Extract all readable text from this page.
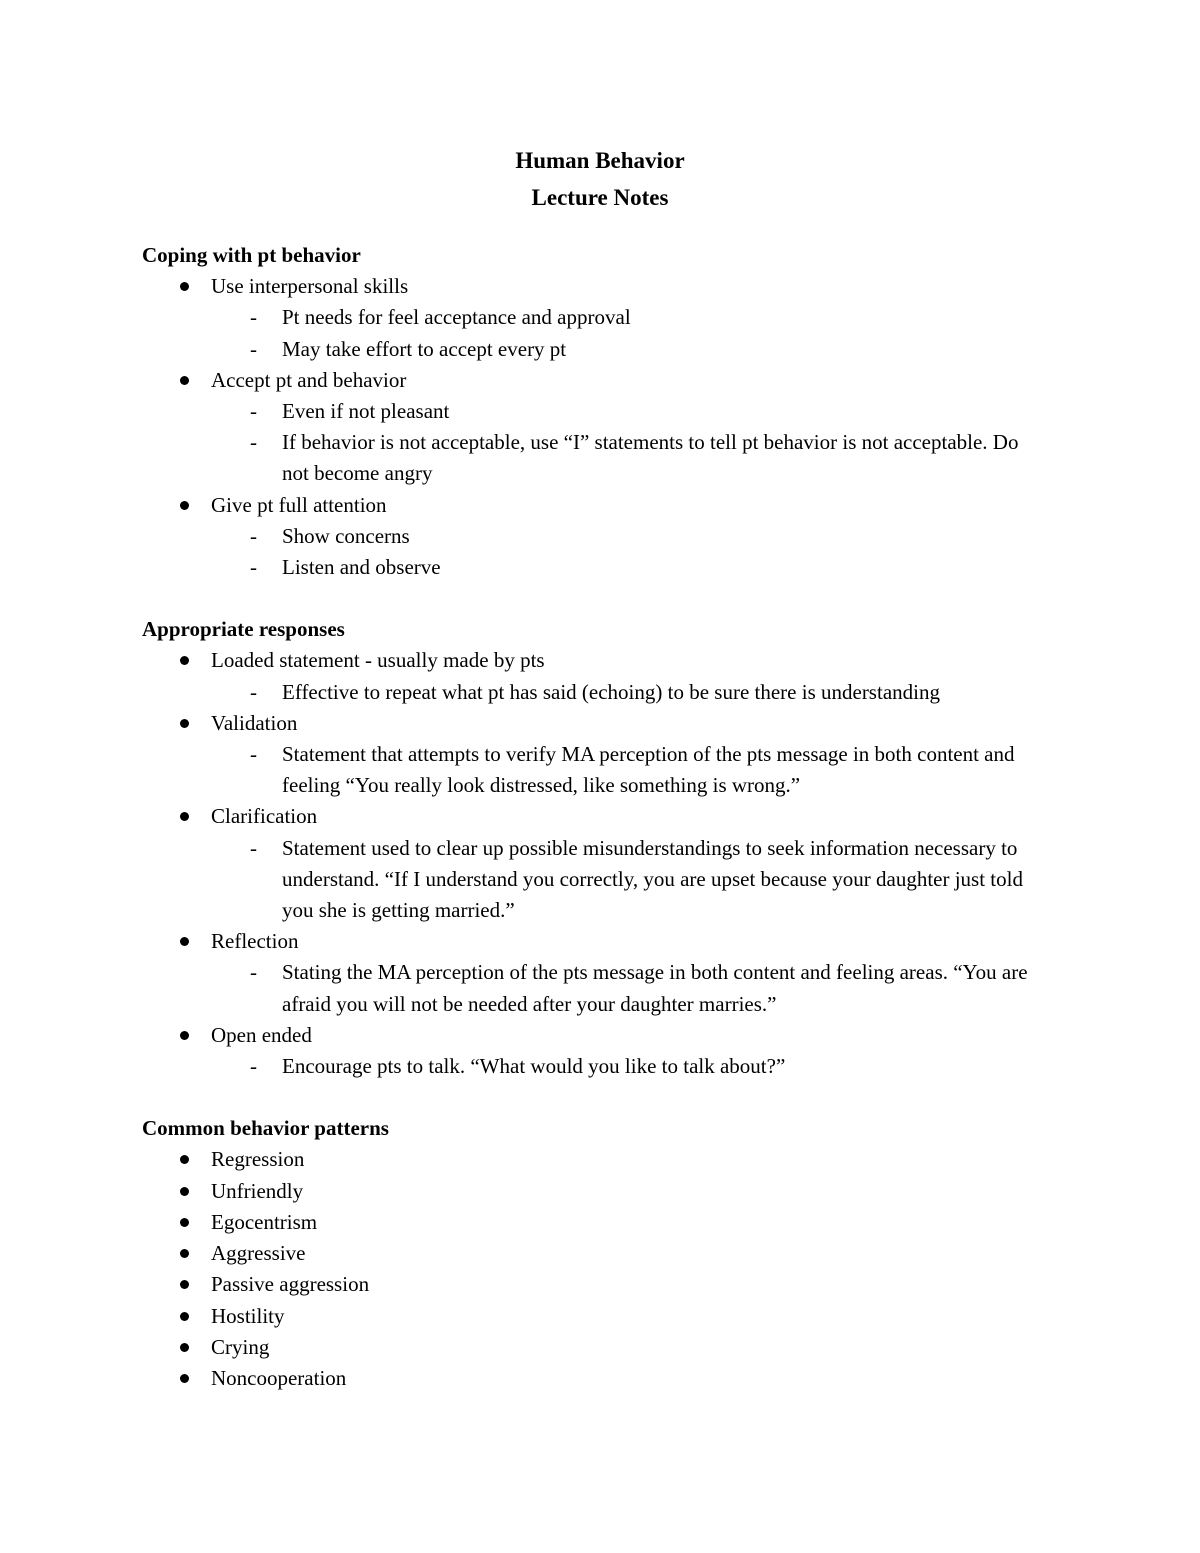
Human Behavior
Lecture Notes
Coping with pt behavior
Use interpersonal skills
-	Pt needs for feel acceptance and approval
-	May take effort to accept every pt
Accept pt and behavior
-	Even if not pleasant
-	If behavior is not acceptable, use “I” statements to tell pt behavior is not acceptable. Do not become angry
Give pt full attention
-	Show concerns
-	Listen and observe
Appropriate responses
Loaded statement - usually made by pts
-	Effective to repeat what pt has said (echoing) to be sure there is understanding
Validation
-	Statement that attempts to verify MA perception of the pts message in both content and feeling “You really look distressed, like something is wrong.”
Clarification
-	Statement used to clear up possible misunderstandings to seek information necessary to understand. “If I understand you correctly, you are upset because your daughter just told you she is getting married.”
Reflection
-	Stating the MA perception of the pts message in both content and feeling areas. “You are afraid you will not be needed after your daughter marries.”
Open ended
-	Encourage pts to talk. “What would you like to talk about?”
Common behavior patterns
Regression
Unfriendly
Egocentrism
Aggressive
Passive aggression
Hostility
Crying
Noncooperation
